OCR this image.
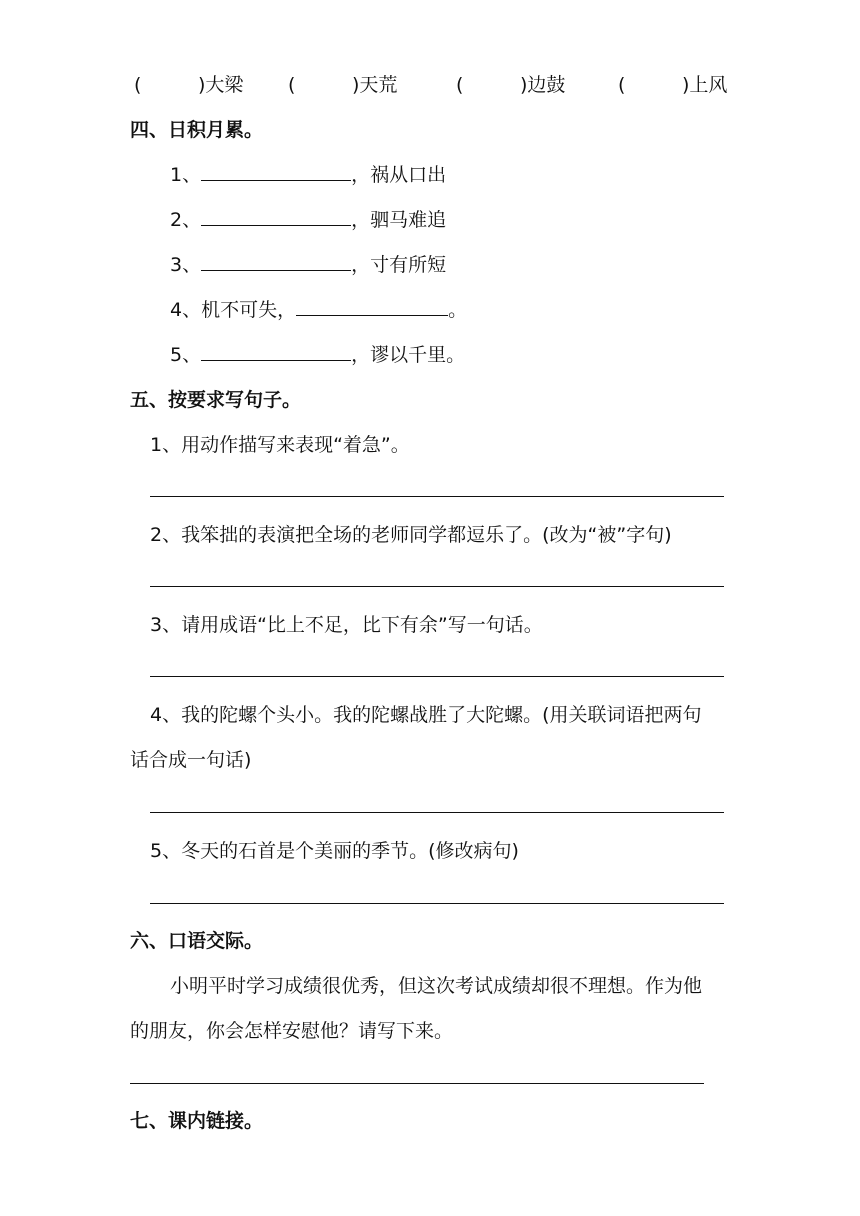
(	)大梁 (	)天荒	(	)边鼓	(	)上风
四、日积月累。
1、	，祸从口出
2、	，驷马难追
3、	，寸有所短
4、机不可失，	。
5、	，谬以千里。
五、按要求写句子。
1、用动作描写来表现“着急”。
2、我笨拙的表演把全场的老师同学都逗乐了。(改为“被”字句)
3、请用成语“比上不足，比下有余”写一句话。
4、我的陀螺个头小。我的陀螺战胜了大陀螺。(用关联词语把两句
话合成一句话)
5、冬天的石首是个美丽的季节。(修改病句)
六、口语交际。
小明平时学习成绩很优秀，但这次考试成绩却很不理想。作为他
的朋友，你会怎样安慰他？请写下来。
七、课内链接。
